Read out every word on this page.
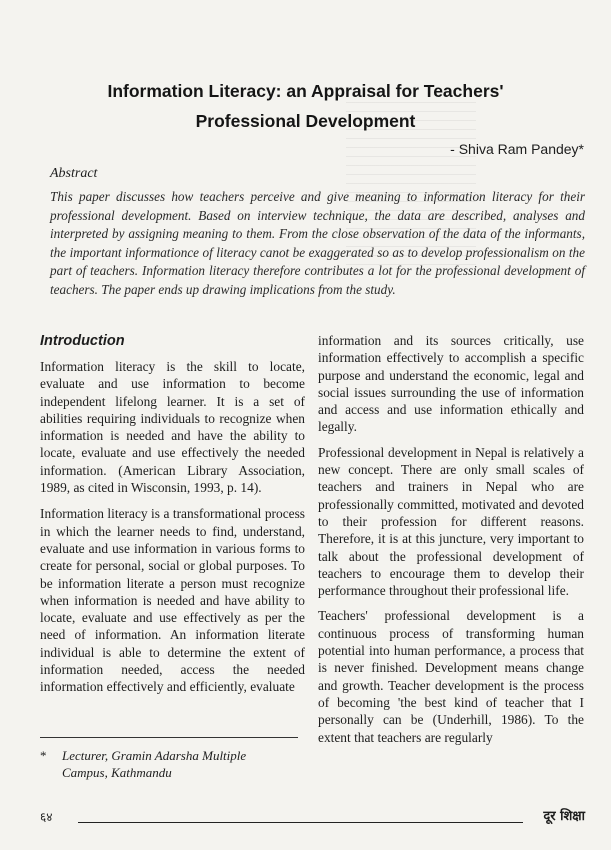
Information Literacy: an Appraisal for Teachers'
Professional Development
- Shiva Ram Pandey*
Abstract
This paper discusses how teachers perceive and give meaning to information literacy for their professional development. Based on interview technique, the data are described, analyses and interpreted by assigning meaning to them. From the close observation of the data of the informants, the important informationce of literacy canot be exaggerated so as to develop professionalism on the part of teachers. Information literacy therefore contributes a lot for the professional development of teachers. The paper ends up drawing implications from the study.
Introduction

Information literacy is the skill to locate, evaluate and use information to become independent lifelong learner. It is a set of abilities requiring individuals to recognize when information is needed and have the ability to locate, evaluate and use effectively the needed information. (American Library Association, 1989, as cited in Wisconsin, 1993, p. 14).

Information literacy is a transformational process in which the learner needs to find, understand, evaluate and use information in various forms to create for personal, social or global purposes. To be information literate a person must recognize when information is needed and have ability to locate, evaluate and use effectively as per the need of information. An information literate individual is able to determine the extent of information needed, access the needed information effectively and efficiently, evaluate

information and its sources critically, use information effectively to accomplish a specific purpose and understand the economic, legal and social issues surrounding the use of information and access and use information ethically and legally.

Professional development in Nepal is relatively a new concept. There are only small scales of teachers and trainers in Nepal who are professionally committed, motivated and devoted to their profession for different reasons. Therefore, it is at this juncture, very important to talk about the professional development of teachers to encourage them to develop their performance throughout their professional life.

Teachers' professional development is a continuous process of transforming human potential into human performance, a process that is never finished. Development means change and growth. Teacher development is the process of becoming 'the best kind of teacher that I personally can be (Underhill, 1986). To the extent that teachers are regularly

* Lecturer, Gramin Adarsha Multiple
Campus, Kathmandu
६४	दूर शिक्षा
